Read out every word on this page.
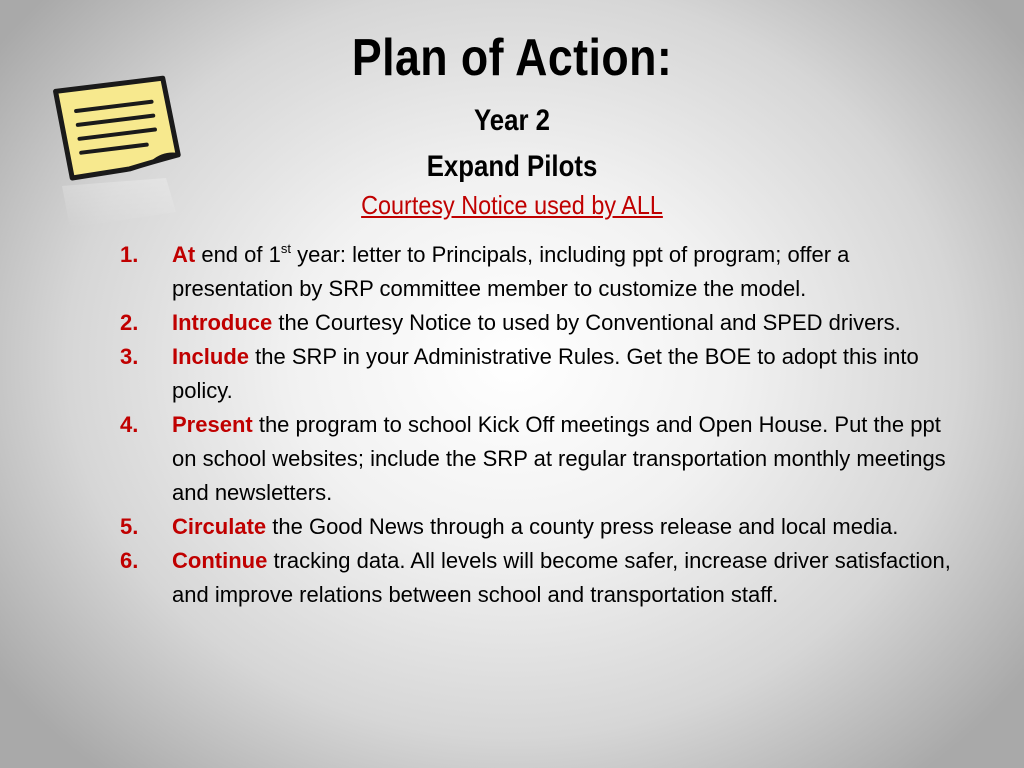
Plan of Action:
Year 2
Expand Pilots
Courtesy Notice used by ALL
1. At end of 1st year: letter to Principals, including ppt of program; offer a presentation by SRP committee member to customize the model.
2. Introduce the Courtesy Notice to used by Conventional and SPED drivers.
3. Include the SRP in your Administrative Rules. Get the BOE to adopt this into policy.
4. Present the program to school Kick Off meetings and Open House. Put the ppt on school websites; include the SRP at regular transportation monthly meetings and newsletters.
5. Circulate the Good News through a county press release and local media.
6. Continue tracking data. All levels will become safer, increase driver satisfaction, and improve relations between school and transportation staff.
